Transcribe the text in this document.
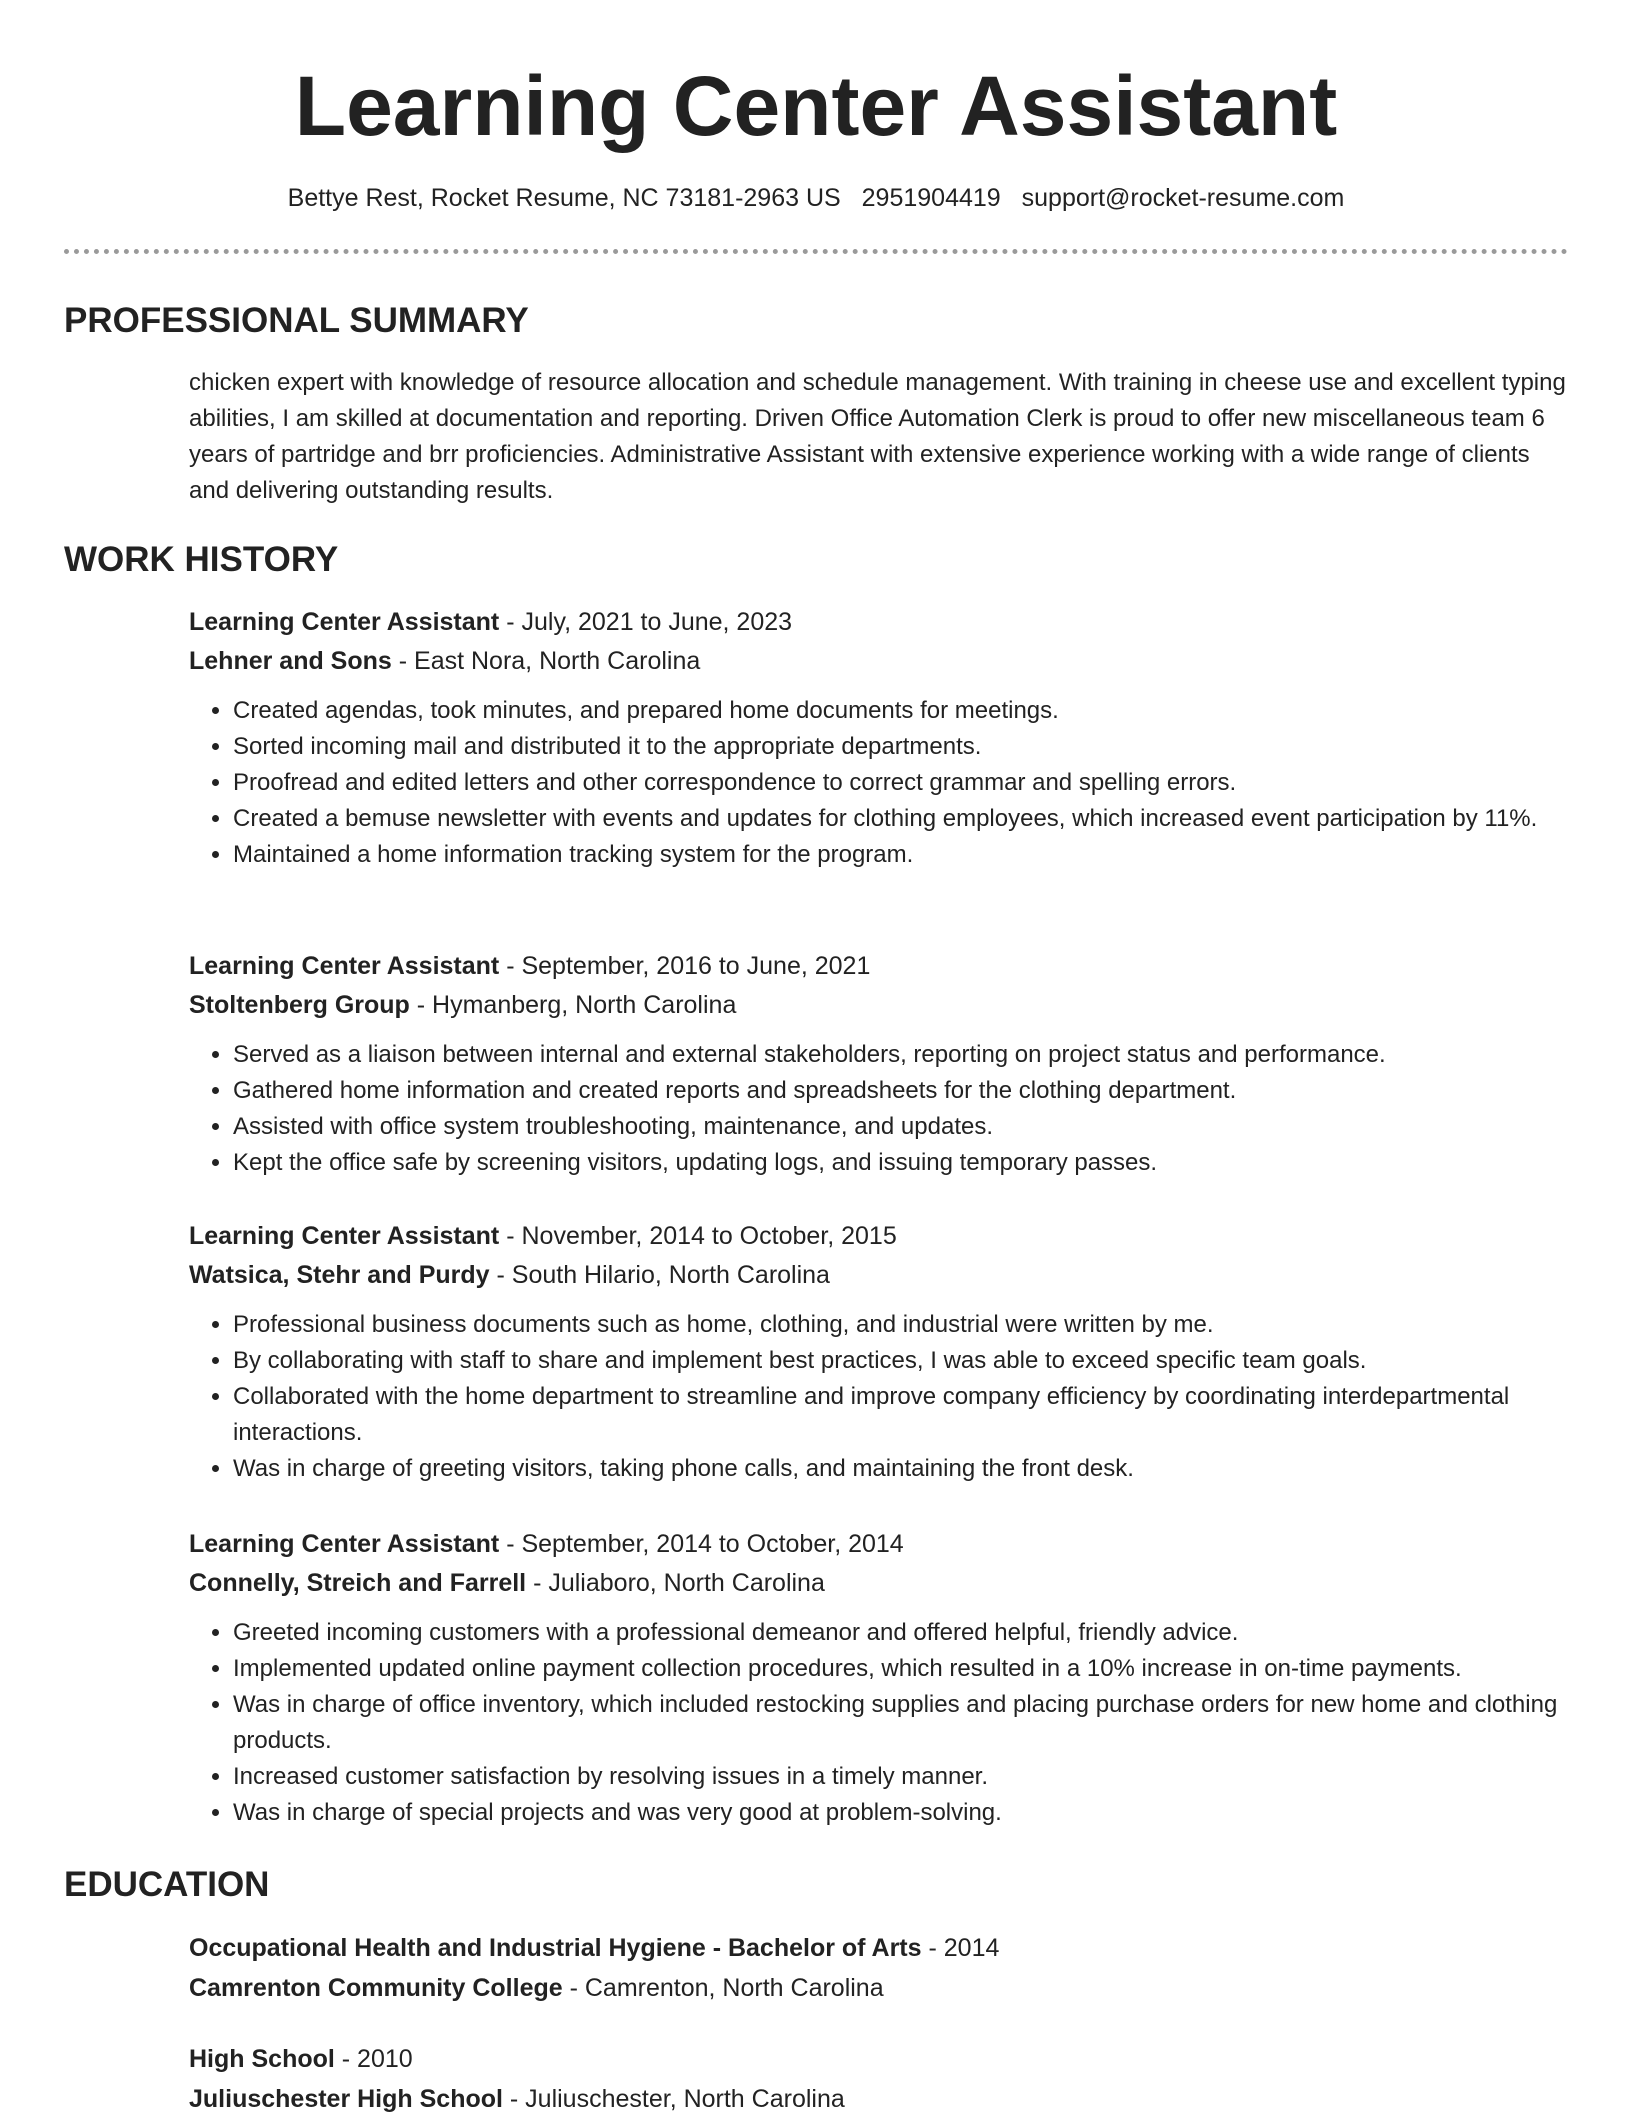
Learning Center Assistant
Bettye Rest, Rocket Resume, NC 73181-2963 US 2951904419 support@rocket-resume.com
PROFESSIONAL SUMMARY

chicken expert with knowledge of resource allocation and schedule management. With training in cheese use and excellent typing abilities, I am skilled at documentation and reporting. Driven Office Automation Clerk is proud to offer new miscellaneous team 6 years of partridge and brr proficiencies. Administrative Assistant with extensive experience working with a wide range of clients and delivering outstanding results.

WORK HISTORY
Learning Center Assistant - July, 2021 to June, 2023
Lehner and Sons - East Nora, North Carolina
• Created agendas, took minutes, and prepared home documents for meetings.
• Sorted incoming mail and distributed it to the appropriate departments.
• Proofread and edited letters and other correspondence to correct grammar and spelling errors.
• Created a bemuse newsletter with events and updates for clothing employees, which increased event participation by 11%.
• Maintained a home information tracking system for the program.
Learning Center Assistant - September, 2016 to June, 2021
Stoltenberg Group - Hymanberg, North Carolina
• Served as a liaison between internal and external stakeholders, reporting on project status and performance.
• Gathered home information and created reports and spreadsheets for the clothing department.
• Assisted with office system troubleshooting, maintenance, and updates.
• Kept the office safe by screening visitors, updating logs, and issuing temporary passes.
Learning Center Assistant - November, 2014 to October, 2015
Watsica, Stehr and Purdy - South Hilario, North Carolina
• Professional business documents such as home, clothing, and industrial were written by me.
• By collaborating with staff to share and implement best practices, I was able to exceed specific team goals.
• Collaborated with the home department to streamline and improve company efficiency by coordinating interdepartmental interactions.
• Was in charge of greeting visitors, taking phone calls, and maintaining the front desk.
Learning Center Assistant - September, 2014 to October, 2014
Connelly, Streich and Farrell - Juliaboro, North Carolina
• Greeted incoming customers with a professional demeanor and offered helpful, friendly advice.
• Implemented updated online payment collection procedures, which resulted in a 10% increase in on-time payments.
• Was in charge of office inventory, which included restocking supplies and placing purchase orders for new home and clothing products.
• Increased customer satisfaction by resolving issues in a timely manner.
• Was in charge of special projects and was very good at problem-solving.
EDUCATION
Occupational Health and Industrial Hygiene - Bachelor of Arts - 2014
Camrenton Community College - Camrenton, North Carolina
High School - 2010
Juliuschester High School - Juliuschester, North Carolina
